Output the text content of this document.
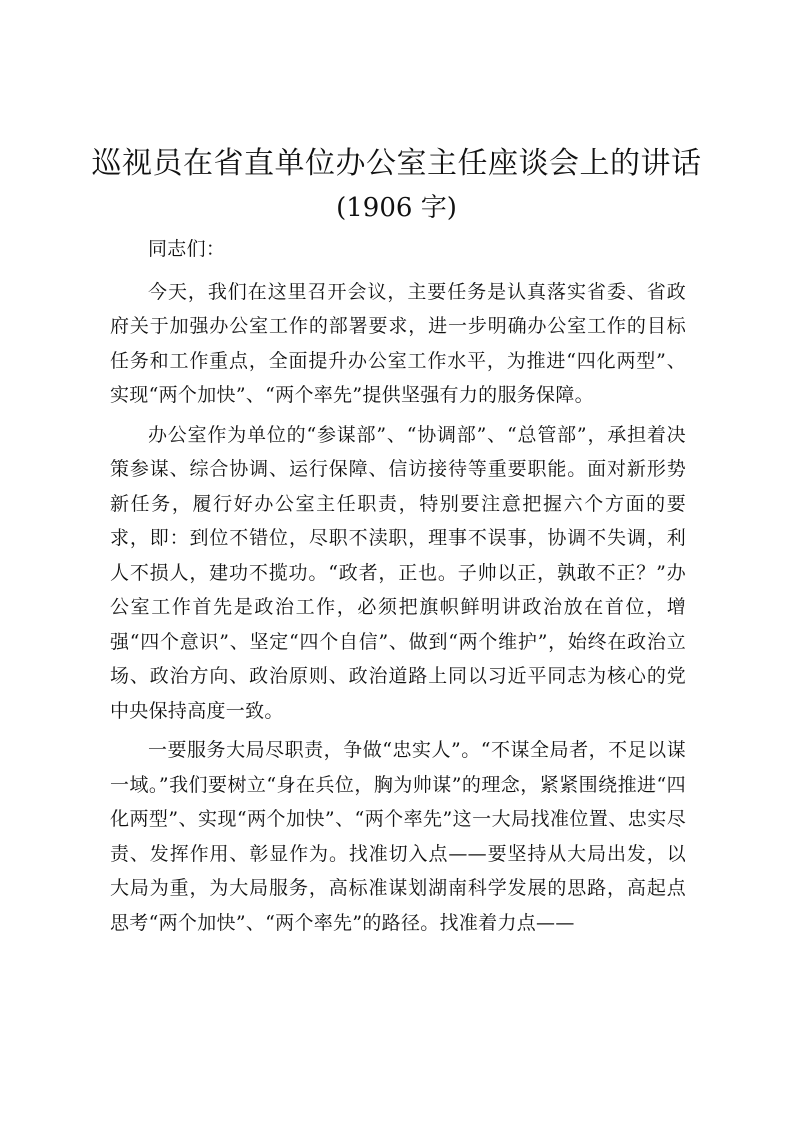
巡视员在省直单位办公室主任座谈会上的讲话
(1906 字)

同志们：

今天，我们在这里召开会议，主要任务是认真落实省委、省政府关于加强办公室工作的部署要求，进一步明确办公室工作的目标任务和工作重点，全面提升办公室工作水平，为推进“四化两型”、实现“两个加快”、“两个率先”提供坚强有力的服务保障。

办公室作为单位的“参谋部”、“协调部”、“总管部”，承担着决策参谋、综合协调、运行保障、信访接待等重要职能。面对新形势新任务，履行好办公室主任职责，特别要注意把握六个方面的要求，即：到位不错位，尽职不渎职，理事不误事，协调不失调，利人不损人，建功不揽功。“政者，正也。子帅以正，孰敢不正？”办公室工作首先是政治工作，必须把旗帜鲜明讲政治放在首位，增强“四个意识”、坚定“四个自信”、做到“两个维护”，始终在政治立场、政治方向、政治原则、政治道路上同以习近平同志为核心的党中央保持高度一致。

一要服务大局尽职责，争做“忠实人”。“不谋全局者，不足以谋一域。”我们要树立“身在兵位，胸为帅谋”的理念，紧紧围绕推进“四化两型”、实现“两个加快”、“两个率先”这一大局找准位置、忠实尽责、发挥作用、彰显作为。找准切入点——要坚持从大局出发，以大局为重，为大局服务，高标准谋划湖南科学发展的思路，高起点思考“两个加快”、“两个率先”的路径。找准着力点——
